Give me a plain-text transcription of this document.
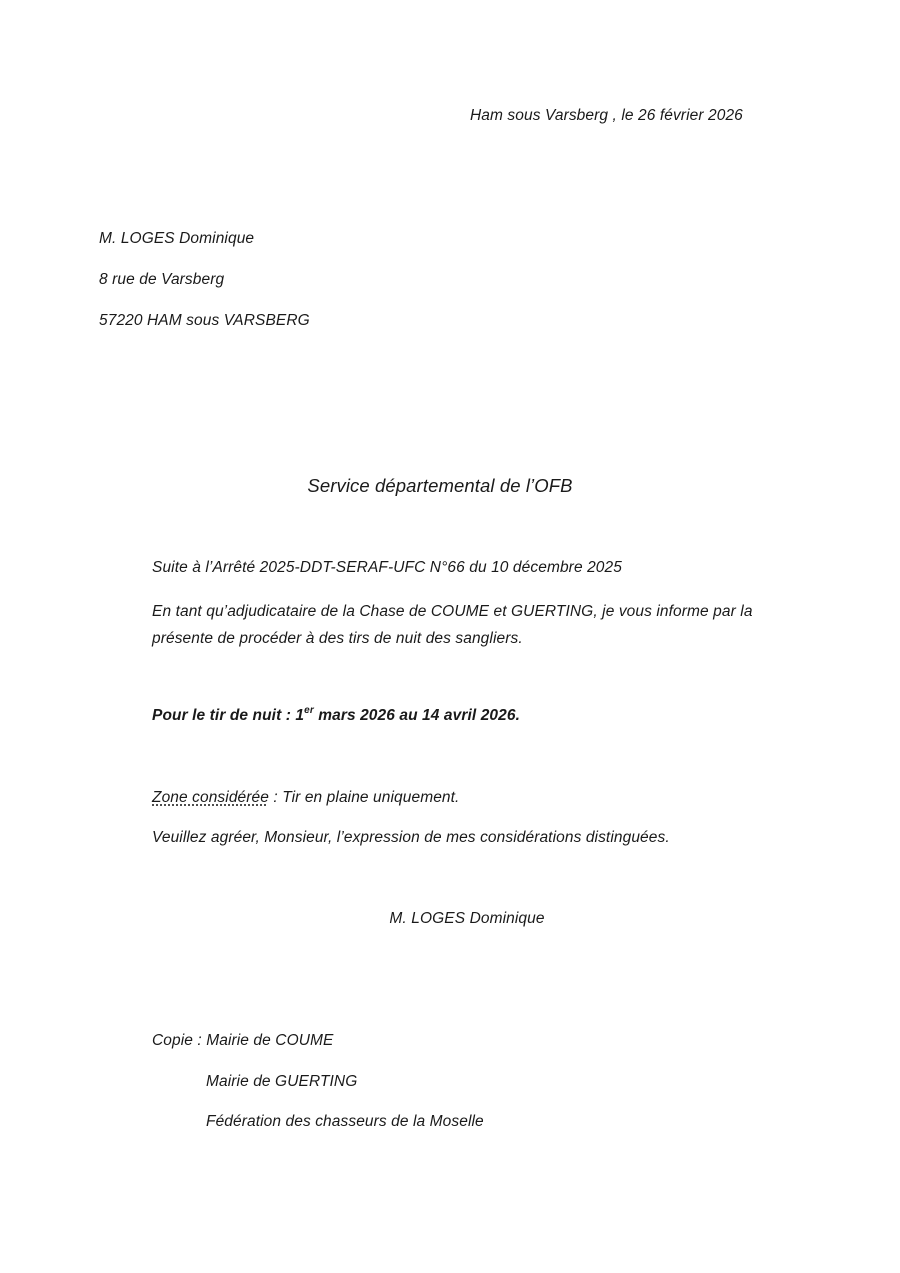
Ham sous Varsberg , le 26 février 2026
M. LOGES Dominique
8 rue de Varsberg
57220 HAM sous VARSBERG
Service départemental de l’OFB
Suite à l’Arrêté 2025-DDT-SERAF-UFC N°66 du 10 décembre 2025
En tant qu’adjudicataire de la Chase de COUME et GUERTING, je vous informe par la présente de procéder à des tirs de nuit des sangliers.
Pour le tir de nuit : 1er mars 2026 au 14 avril 2026.
Zone considérée : Tir en plaine uniquement.
Veuillez agréer, Monsieur, l’expression de mes considérations distinguées.
M. LOGES Dominique
Copie : Mairie de COUME
Mairie de GUERTING
Fédération des chasseurs de la Moselle
